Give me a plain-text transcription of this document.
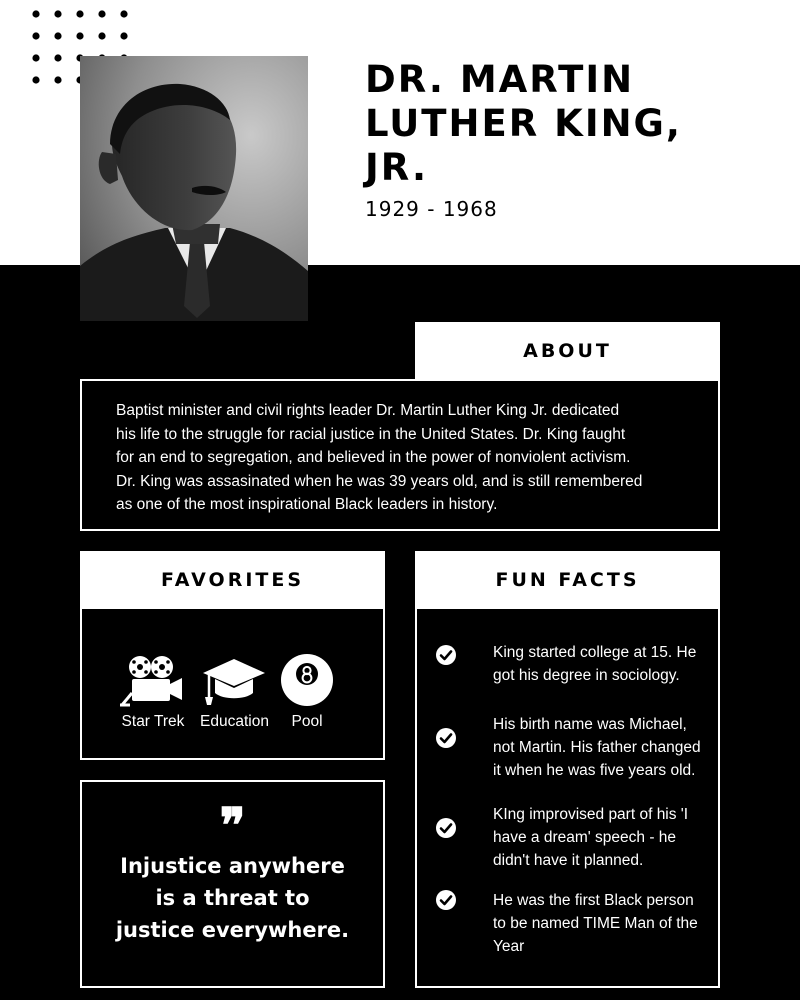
DR. MARTIN
LUTHER KING,
JR.
1929 - 1968
ABOUT
Baptist minister and civil rights leader Dr. Martin Luther King Jr. dedicated
his life to the struggle for racial justice in the United States. Dr. King faught
for an end to segregation, and believed in the power of nonviolent activism.
Dr. King was assasinated when he was 39 years old, and is still remembered
as one of the most inspirational Black leaders in history.
FAVORITES
Star Trek Education	Pool
❞
Injustice anywhere
is a threat to
justice everywhere.
FUN FACTS
King started college at 15. He
got his degree in sociology.
His birth name was Michael,
not Martin. His father changed
it when he was five years old.
KIng improvised part of his 'I
have a dream' speech - he
didn't have it planned.
He was the first Black person
to be named TIME Man of the
Year
